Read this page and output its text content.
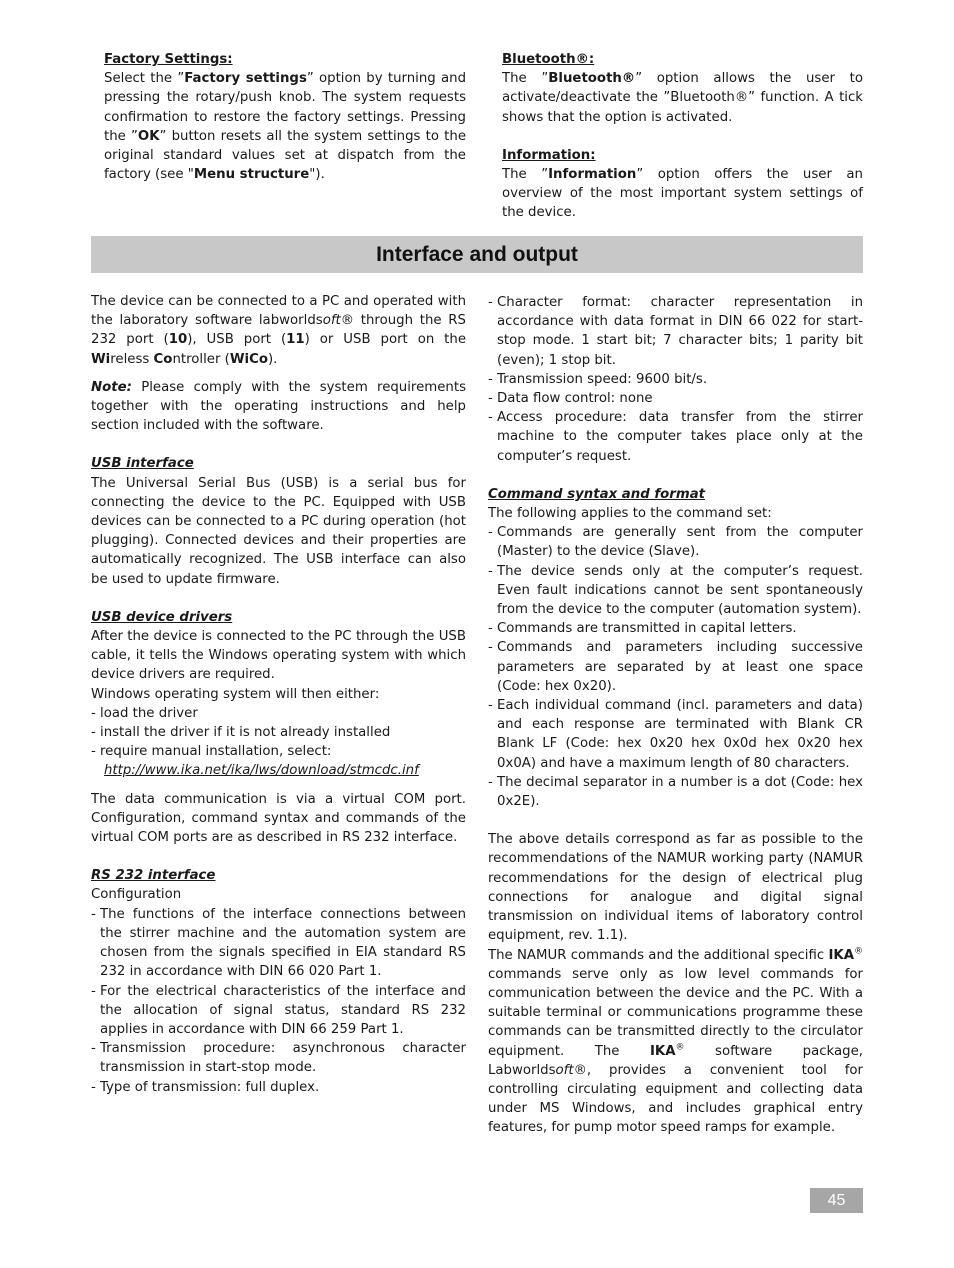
Factory Settings:

Select the ”Factory settings” option by turning and pressing the rotary/push knob. The system requests confirmation to restore the factory settings. Pressing the ”OK” button resets all the system settings to the original standard values set at dispatch from the factory (see "Menu structure").

Bluetooth®:

The ”Bluetooth®” option allows the user to activate/deactivate the ”Bluetooth®” function. A tick shows that the option is activated.

Information:

The ”Information” option offers the user an overview of the most important system settings of the device.

Interface and output

The device can be connected to a PC and operated with the laboratory software labworldsoft® through the RS 232 port (10), USB port (11) or USB port on the Wireless Controller (WiCo).

Note: Please comply with the system requirements together with the operating instructions and help section included with the software.

USB interface

The Universal Serial Bus (USB) is a serial bus for connecting the device to the PC. Equipped with USB devices can be connected to a PC during operation (hot plugging). Connected devices and their properties are automatically recognized. The USB interface can also be used to update firmware.

USB device drivers

After the device is connected to the PC through the USB cable, it tells the Windows operating system with which device drivers are required.

Windows operating system will then either:

- load the driver
- install the driver if it is not already installed
- require manual installation, select:
http://www.ika.net/ika/lws/download/stmcdc.inf

The data communication is via a virtual COM port. Configuration, command syntax and commands of the virtual COM ports are as described in RS 232 interface.

RS 232 interface

Configuration

- The functions of the interface connections between the stirrer machine and the automation system are chosen from the signals specified in EIA standard RS 232 in accordance with DIN 66 020 Part 1.
- For the electrical characteristics of the interface and the allocation of signal status, standard RS 232 applies in accordance with DIN 66 259 Part 1.
- Transmission procedure: asynchronous character transmission in start-stop mode.
- Type of transmission: full duplex.
- Character format: character representation in accordance with data format in DIN 66 022 for start-stop mode. 1 start bit; 7 character bits; 1 parity bit (even); 1 stop bit.
- Transmission speed: 9600 bit/s.
- Data flow control: none
- Access procedure: data transfer from the stirrer machine to the computer takes place only at the computer’s request.
Command syntax and format

The following applies to the command set:

- Commands are generally sent from the computer (Master) to the device (Slave).
- The device sends only at the computer’s request. Even fault indications cannot be sent spontaneously from the device to the computer (automation system).
- Commands are transmitted in capital letters.
- Commands and parameters including successive parameters are separated by at least one space (Code: hex 0x20).
- Each individual command (incl. parameters and data) and each response are terminated with Blank CR Blank LF (Code: hex 0x20 hex 0x0d hex 0x20 hex 0x0A) and have a maximum length of 80 characters.
- The decimal separator in a number is a dot (Code: hex 0x2E).

The above details correspond as far as possible to the recommendations of the NAMUR working party (NAMUR recommendations for the design of electrical plug connections for analogue and digital signal transmission on individual items of laboratory control equipment, rev. 1.1).

The NAMUR commands and the additional specific IKA® commands serve only as low level commands for communication between the device and the PC. With a suitable terminal or communications programme these commands can be transmitted directly to the circulator equipment. The IKA® software package, Labworldsoft®, provides a convenient tool for controlling circulating equipment and collecting data under MS Windows, and includes graphical entry features, for pump motor speed ramps for example.

45
